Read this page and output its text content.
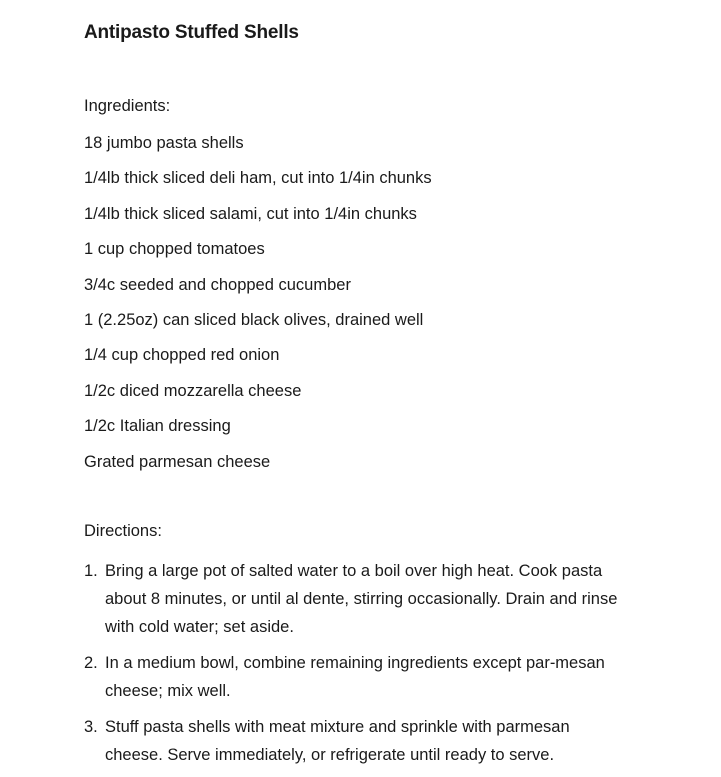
Antipasto Stuffed Shells

Ingredients:

18 jumbo pasta shells
1/4lb thick sliced deli ham, cut into 1/4in chunks
1/4lb thick sliced salami, cut into 1/4in chunks
1 cup chopped tomatoes
3/4c seeded and chopped cucumber
1 (2.25oz) can sliced black olives, drained well
1/4 cup chopped red onion
1/2c diced mozzarella cheese
1/2c Italian dressing
Grated parmesan cheese

Directions:

1. Bring a large pot of salted water to a boil over high heat. Cook pasta about 8 minutes, or until al dente, stirring occasionally. Drain and rinse with cold water; set aside.
2. In a medium bowl, combine remaining ingredients except par-mesan cheese; mix well.
3. Stuff pasta shells with meat mixture and sprinkle with parmesan cheese. Serve immediately, or refrigerate until ready to serve.
